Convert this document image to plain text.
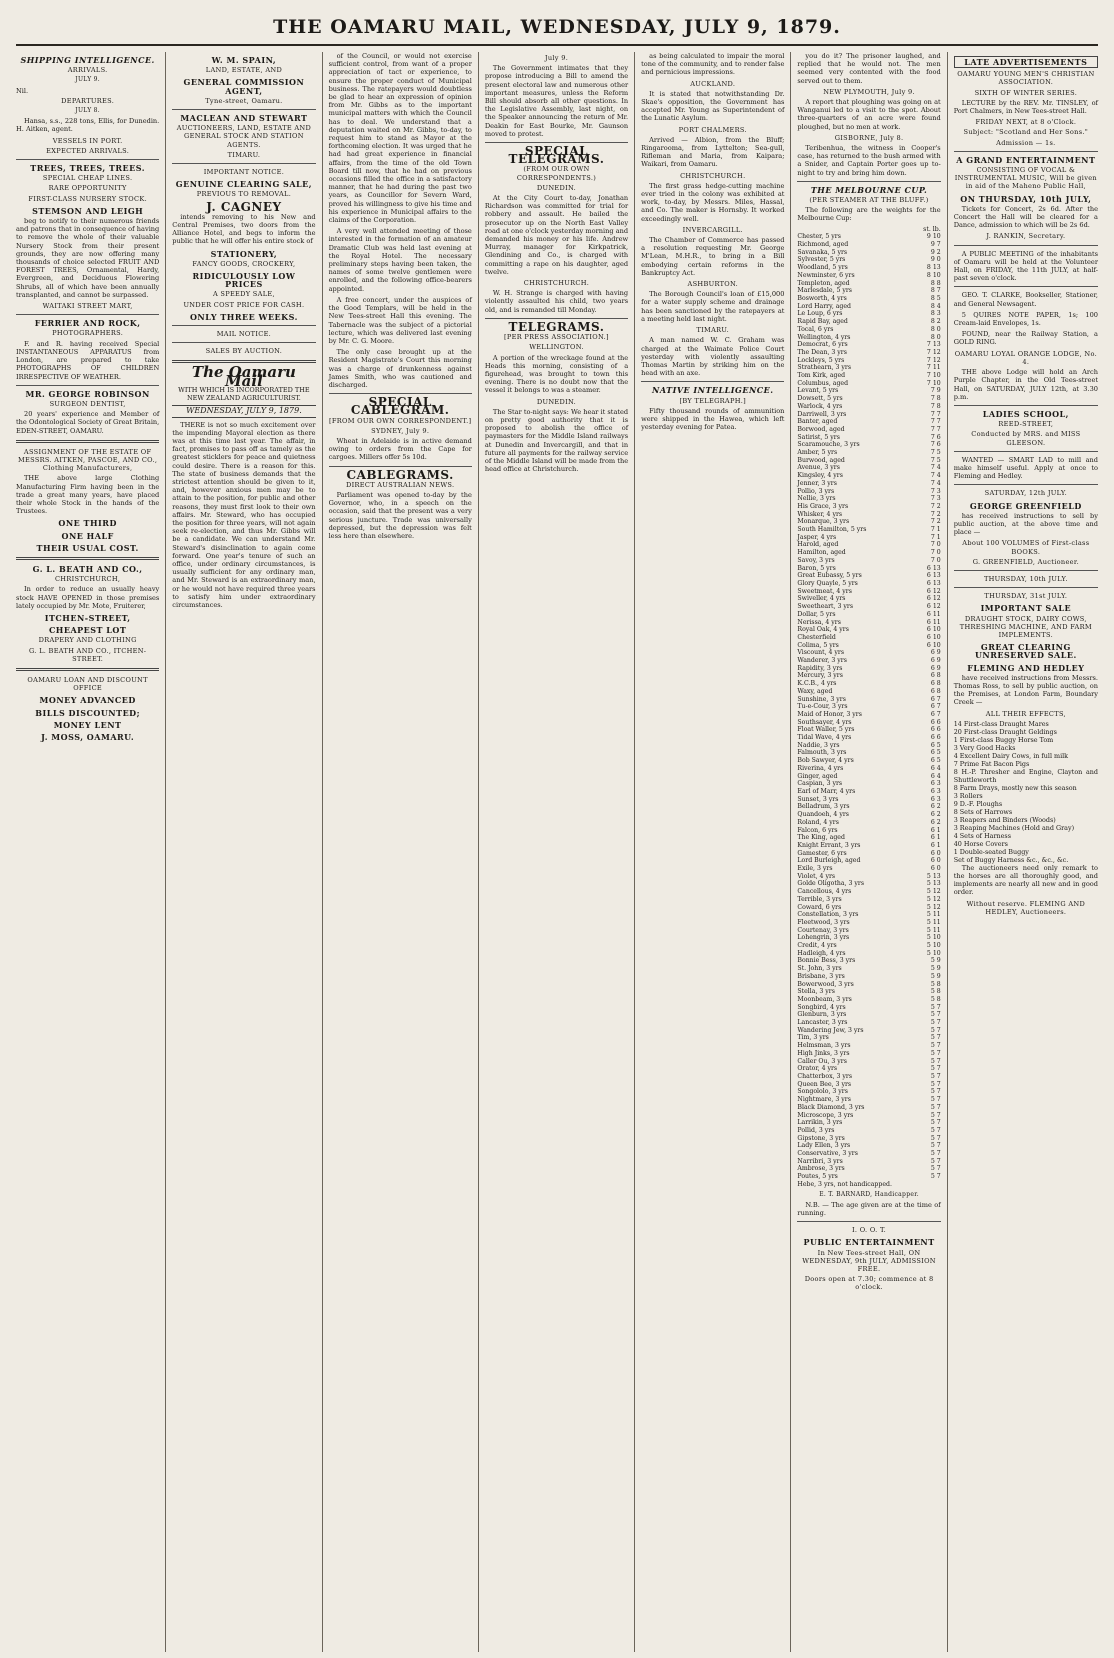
THE OAMARU MAIL, WEDNESDAY, JULY 9, 1879.
SHIPPING INTELLIGENCE.
ARRIVALS.
JULY 9.
Nil.
DEPARTURES.
JULY 8.

Hansa, s.s., 228 tons, Ellis, for Dunedin. H. Aitken, agent.

VESSELS IN PORT.
EXPECTED ARRIVALS.
TREES, TREES, TREES.
SPECIAL CHEAP LINES.
RARE OPPORTUNITY
FIRST-CLASS NURSERY STOCK.
STEMSON AND LEIGH

beg to notify to their numerous friends and patrons that in consequence of having to remove the whole of their valuable Nursery Stock from their present grounds, they are now offering many thousands of choice selected FRUIT AND FOREST TREES, Ornamental, Hardy, Evergreen, and Deciduous Flowering Shrubs, all of which have been annually transplanted, and cannot be surpassed.

WAITAKI STREET MART,
FERRIER AND ROCK,
PHOTOGRAPHERS.

F. and R. having received Special INSTANTANEOUS APPARATUS from London, are prepared to take PHOTOGRAPHS OF CHILDREN IRRESPECTIVE OF WEATHER.

MR. GEORGE ROBINSON
SURGEON DENTIST,

20 years' experience and Member of the Odontological Society of Great Britain, EDEN-STREET, OAMARU.

ASSIGNMENT OF THE ESTATE OF MESSRS. AITKEN, PASCOE, AND CO., Clothing Manufacturers,

THE above large Clothing Manufacturing Firm having been in the trade a great many years, have placed their whole Stock in the hands of the Trustees.

ONE THIRD
ONE HALF
THEIR USUAL COST.
G. L. BEATH AND CO.,
CHRISTCHURCH,

In order to reduce an usually heavy stock HAVE OPENED in those premises lately occupied by Mr. Mote, Fruiterer,

ITCHEN-STREET,
CHEAPEST LOT
DRAPERY AND CLOTHING
G. L. BEATH AND CO., ITCHEN-STREET.
OAMARU LOAN AND DISCOUNT OFFICE
MONEY ADVANCED
BILLS DISCOUNTED;
MONEY LENT
J. MOSS, OAMARU.
W. M. SPAIN,
LAND, ESTATE, AND
GENERAL COMMISSION AGENT,
Tyne-street, Oamaru.
MACLEAN AND STEWART
AUCTIONEERS, LAND, ESTATE AND GENERAL STOCK AND STATION AGENTS.
TIMARU.
IMPORTANT NOTICE.
GENUINE CLEARING SALE,
PREVIOUS TO REMOVAL.
J. CAGNEY

intends removing to his New and Central Premises, two doors from the Alliance Hotel, and begs to inform the public that he will offer his entire stock of

STATIONERY,
FANCY GOODS, CROCKERY,
RIDICULOUSLY LOW PRICES
A SPEEDY SALE,
UNDER COST PRICE FOR CASH.
ONLY THREE WEEKS.
MAIL NOTICE.
SALES BY AUCTION.
The Oamaru Mail
WITH WHICH IS INCORPORATED THE NEW ZEALAND AGRICULTURIST.
WEDNESDAY, JULY 9, 1879.

THERE is not so much excitement over the impending Mayoral election as there was at this time last year. The affair, in fact, promises to pass off as tamely as the greatest sticklers for peace and quietness could desire. There is a reason for this. The state of business demands that the strictest attention should be given to it, and, however anxious men may be to attain to the position, for public and other reasons, they must first look to their own affairs. Mr. Steward, who has occupied the position for three years, will not again seek re-election, and thus Mr. Gibbs will be a candidate. We can understand Mr. Steward's disinclination to again come forward. One year's tenure of such an office, under ordinary circumstances, is usually sufficient for any ordinary man, and Mr. Steward is an extraordinary man, or he would not have required three years to satisfy him under extraordinary circumstances.

of the Council, or would not exercise sufficient control, from want of a proper appreciation of tact or experience, to ensure the proper conduct of Municipal business. The ratepayers would doubtless be glad to hear an expression of opinion from Mr. Gibbs as to the important municipal matters with which the Council has to deal. We understand that a deputation waited on Mr. Gibbs, to-day, to request him to stand as Mayor at the forthcoming election. It was urged that he had had great experience in financial affairs, from the time of the old Town Board till now, that he had on previous occasions filled the office in a satisfactory manner, that he had during the past two years, as Councillor for Severn Ward, proved his willingness to give his time and his experience in Municipal affairs to the claims of the Corporation.

A very well attended meeting of those interested in the formation of an amateur Dramatic Club was held last evening at the Royal Hotel. The necessary preliminary steps having been taken, the names of some twelve gentlemen were enrolled, and the following office-bearers appointed.

A free concert, under the auspices of the Good Templars, will be held in the New Tees-street Hall this evening. The Tabernacle was the subject of a pictorial lecture, which was delivered last evening by Mr. C. G. Moore.

The only case brought up at the Resident Magistrate's Court this morning was a charge of drunkenness against James Smith, who was cautioned and discharged.

SPECIAL CABLEGRAM.
[FROM OUR OWN CORRESPONDENT.]
SYDNEY, July 9.

Wheat in Adelaide is in active demand owing to orders from the Cape for cargoes. Millers offer 5s 10d.

CABLEGRAMS.
DIRECT AUSTRALIAN NEWS.

Parliament was opened to-day by the Governor, who, in a speech on the occasion, said that the present was a very serious juncture. Trade was universally depressed, but the depression was felt less here than elsewhere.

July 9.

The Government intimates that they propose introducing a Bill to amend the present electoral law and numerous other important measures, unless the Reform Bill should absorb all other questions. In the Legislative Assembly, last night, on the Speaker announcing the return of Mr. Deakin for East Bourke, Mr. Gaunson moved to protest.

SPECIAL TELEGRAMS.
(FROM OUR OWN CORRESPONDENTS.)
DUNEDIN.

At the City Court to-day, Jonathan Richardson was committed for trial for robbery and assault. He bailed the prosecutor up on the North East Valley road at one o'clock yesterday morning and demanded his money or his life. Andrew Murray, manager for Kirkpatrick, Glendining and Co., is charged with committing a rape on his daughter, aged twelve.

CHRISTCHURCH.

W. H. Strange is charged with having violently assaulted his child, two years old, and is remanded till Monday.

TELEGRAMS.
[PER PRESS ASSOCIATION.]
WELLINGTON.

A portion of the wreckage found at the Heads this morning, consisting of a figurehead, was brought to town this evening. There is no doubt now that the vessel it belongs to was a steamer.

DUNEDIN.

The Star to-night says: We hear it stated on pretty good authority that it is proposed to abolish the office of paymasters for the Middle Island railways at Dunedin and Invercargill, and that in future all payments for the railway service of the Middle Island will be made from the head office at Christchurch.

as being calculated to impair the moral tone of the community, and to render false and pernicious impressions.

AUCKLAND.

It is stated that notwithstanding Dr. Skae's opposition, the Government has accepted Mr. Young as Superintendent of the Lunatic Asylum.

PORT CHALMERS.

Arrived — Albion, from the Bluff; Ringarooma, from Lyttelton; Sea-gull, Rifleman and Maria, from Kaipara; Waikari, from Oamaru.

CHRISTCHURCH.

The first grass hedge-cutting machine ever tried in the colony was exhibited at work, to-day, by Messrs. Miles, Hassal, and Co. The maker is Hornsby. It worked exceedingly well.

INVERCARGILL.

The Chamber of Commerce has passed a resolution requesting Mr. George M'Lean, M.H.R., to bring in a Bill embodying certain reforms in the Bankruptcy Act.

ASHBURTON.

The Borough Council's loan of £15,000 for a water supply scheme and drainage has been sanctioned by the ratepayers at a meeting held last night.

TIMARU.

A man named W. C. Graham was charged at the Waimate Police Court yesterday with violently assaulting Thomas Martin by striking him on the head with an axe.

NATIVE INTELLIGENCE.
[BY TELEGRAPH.]

Fifty thousand rounds of ammunition were shipped in the Hawea, which left yesterday evening for Patea.

you do it? The prisoner laughed, and replied that he would not. The men seemed very contented with the food served out to them.

NEW PLYMOUTH, July 9.

A report that ploughing was going on at Wanganui led to a visit to the spot. About three-quarters of an acre were found ploughed, but no men at work.

GISBORNE, July 8.

Teribenhua, the witness in Cooper's case, has returned to the bush armed with a Snider, and Captain Porter goes up to-night to try and bring him down.

THE MELBOURNE CUP.
(PER STEAMER AT THE BLUFF.)

The following are the weights for the Melbourne Cup:

st. lb.
Chester, 5 yrs	9 10
Richmond, aged	9 7
Savanaka, 5 yrs	9 2
Sylvester, 5 yrs	9 0
Woodland, 5 yrs	8 13
Newminster, 6 yrs	8 10
Templeton, aged	8 8
Marlesdale, 5 yrs	8 7
Bosworth, 4 yrs	8 5
Lord Harry, aged	8 4
Le Loup, 6 yrs	8 3
Rapid Bay, aged	8 2
Tocal, 6 yrs	8 0
Wellington, 4 yrs	8 0
Democrat, 6 yrs	7 13
The Dean, 3 yrs	7 12
Lockleys, 5 yrs	7 12
Strathearn, 3 yrs	7 11
Tom Kirk, aged	7 10
Columbus, aged	7 10
Levant, 5 yrs	7 9
Dowsett, 5 yrs	7 8
Warlock, 4 yrs	7 8
Darriwell, 3 yrs	7 7
Banter, aged	7 7
Borwood, aged	7 7
Satirist, 5 yrs	7 6
Scaramouche, 3 yrs	7 6
Amber, 5 yrs	7 5
Burwood, aged	7 5
Avenue, 3 yrs	7 4
Kingsley, 4 yrs	7 4
Jenner, 3 yrs	7 4
Pollio, 3 yrs	7 3
Nellie, 3 yrs	7 3
His Grace, 3 yrs	7 2
Whisker, 4 yrs	7 2
Monarque, 3 yrs	7 2
South Hamilton, 5 yrs	7 1
Jasper, 4 yrs	7 1
Harold, aged	7 0
Hamilton, aged	7 0
Savoy, 3 yrs	7 0
Baron, 5 yrs	6 13
Great Eubassy, 5 yrs	6 13
Glory Quayle, 5 yrs	6 13
Sweetmeat, 4 yrs	6 12
Swiveller, 4 yrs	6 12
Sweetheart, 3 yrs	6 12
Dollar, 5 yrs	6 11
Nerissa, 4 yrs	6 11
Royal Oak, 4 yrs	6 10
Chesterfield	6 10
Colima, 5 yrs	6 10
Viscount, 4 yrs	6 9
Wanderer, 3 yrs	6 9
Rapidity, 3 yrs	6 9
Mercury, 3 yrs	6 8
K.C.B., 4 yrs	6 8
Waxy, aged	6 8
Sunshine, 3 yrs	6 7
Tu-e-Cour, 3 yrs	6 7
Maid of Honor, 3 yrs	6 7
Southsayer, 4 yrs	6 6
Float Waller, 5 yrs	6 6
Tidal Wave, 4 yrs	6 6
Naddie, 3 yrs	6 5
Falmouth, 3 yrs	6 5
Bob Sawyer, 4 yrs	6 5
Riverina, 4 yrs	6 4
Ginger, aged	6 4
Caspian, 3 yrs	6 3
Earl of Marr, 4 yrs	6 3
Sunset, 3 yrs	6 3
Belladrum, 3 yrs	6 2
Quandoeh, 4 yrs	6 2
Roland, 4 yrs	6 2
Falcon, 6 yrs	6 1
The King, aged	6 1
Knight Errant, 3 yrs	6 1
Gamester, 6 yrs	6 0
Lord Burleigh, aged	6 0
Exile, 3 yrs	6 0
Violet, 4 yrs	5 13
Golde Oligotha, 3 yrs	5 13
Cancellous, 4 yrs	5 12
Terrible, 3 yrs	5 12
Coward, 6 yrs	5 12
Constellation, 3 yrs	5 11
Fleetwood, 3 yrs	5 11
Courtenay, 3 yrs	5 11
Lohengrin, 3 yrs	5 10
Credit, 4 yrs	5 10
Hadleigh, 4 yrs	5 10
Bonnie Bess, 3 yrs	5 9
St. John, 3 yrs	5 9
Brisbane, 3 yrs	5 9
Bowerwood, 3 yrs	5 8
Stella, 3 yrs	5 8
Moonbeam, 3 yrs	5 8
Songbird, 4 yrs	5 7
Glenburn, 3 yrs	5 7
Lancaster, 3 yrs	5 7
Wandering Jew, 3 yrs	5 7
Tim, 3 yrs	5 7
Helmsman, 3 yrs	5 7
High Jinks, 3 yrs	5 7
Caller Ou, 3 yrs	5 7
Orator, 4 yrs	5 7
Chatterbox, 3 yrs	5 7
Queen Bee, 3 yrs	5 7
Songololo, 3 yrs	5 7
Nightmare, 3 yrs	5 7
Black Diamond, 3 yrs	5 7
Microscope, 3 yrs	5 7
Larrikin, 3 yrs	5 7
Pollid, 3 yrs	5 7
Gipstone, 3 yrs	5 7
Lady Ellen, 3 yrs	5 7
Conservative, 3 yrs	5 7
Narribri, 3 yrs	5 7
Ambrose, 3 yrs	5 7
Poutes, 5 yrs	5 7
Hebe, 3 yrs, not handicapped.
E. T. BARNARD, Handicapper.

N.B. — The age given are at the time of running.

I. O. O. T.
PUBLIC ENTERTAINMENT
In New Tees-street Hall, ON WEDNESDAY, 9th JULY, ADMISSION FREE.
Doors open at 7.30; commence at 8 o'clock.
LATE ADVERTISEMENTS
OAMARU YOUNG MEN'S CHRISTIAN ASSOCIATION.
SIXTH OF WINTER SERIES.

LECTURE by the REV. Mr. TINSLEY, of Port Chalmers, in New Tees-street Hall.

FRIDAY NEXT, at 8 o'Clock.
Subject: "Scotland and Her Sons."
Admission — 1s.
A GRAND ENTERTAINMENT
CONSISTING OF VOCAL & INSTRUMENTAL MUSIC, Will be given in aid of the Maheno Public Hall,
ON THURSDAY, 10th JULY,

Tickets for Concert, 2s 6d. After the Concert the Hall will be cleared for a Dance, admission to which will be 2s 6d.

J. RANKIN, Secretary.

A PUBLIC MEETING of the inhabitants of Oamaru will be held at the Volunteer Hall, on FRIDAY, the 11th JULY, at half-past seven o'clock.

GEO. T. CLARKE, Bookseller, Stationer, and General Newsagent.

5 QUIRES NOTE PAPER, 1s; 100 Cream-laid Envelopes, 1s.

FOUND, near the Railway Station, a GOLD RING.

OAMARU LOYAL ORANGE LODGE, No. 4.

THE above Lodge will hold an Arch Purple Chapter, in the Old Tees-street Hall, on SATURDAY, JULY 12th, at 3.30 p.m.

LADIES SCHOOL,
REED-STREET,
Conducted by MRS. and MISS GLEESON.

WANTED — SMART LAD to mill and make himself useful. Apply at once to Fleming and Hedley.

SATURDAY, 12th JULY.
GEORGE GREENFIELD

has received instructions to sell by public auction, at the above time and place —

About 100 VOLUMES of First-class BOOKS.
G. GREENFIELD, Auctioneer.
THURSDAY, 10th JULY.
THURSDAY, 31st JULY.
IMPORTANT SALE
DRAUGHT STOCK, DAIRY COWS, THRESHING MACHINE, AND FARM IMPLEMENTS.
GREAT CLEARING UNRESERVED SALE.
FLEMING AND HEDLEY

have received instructions from Messrs. Thomas Ross, to sell by public auction, on the Premises, at London Farm, Boundary Creek —

ALL THEIR EFFECTS,
14 First-class Draught Mares
20 First-class Draught Geldings
1 First-class Buggy Horse Tom
3 Very Good Hacks
4 Excellent Dairy Cows, in full milk
7 Prime Fat Bacon Pigs
8 H.-P. Thresher and Engine, Clayton and Shuttleworth
8 Farm Drays, mostly new this season
3 Rollers
9 D.-F. Ploughs
8 Sets of Harrows
3 Reapers and Binders (Woods)
3 Reaping Machines (Hold and Gray)
4 Sets of Harness
40 Horse Covers
1 Double-seated Buggy
Set of Buggy Harness &c., &c., &c.

The auctioneers need only remark to the horses are all thoroughly good, and implements are nearly all new and in good order.

Without reserve. FLEMING AND HEDLEY, Auctioneers.
